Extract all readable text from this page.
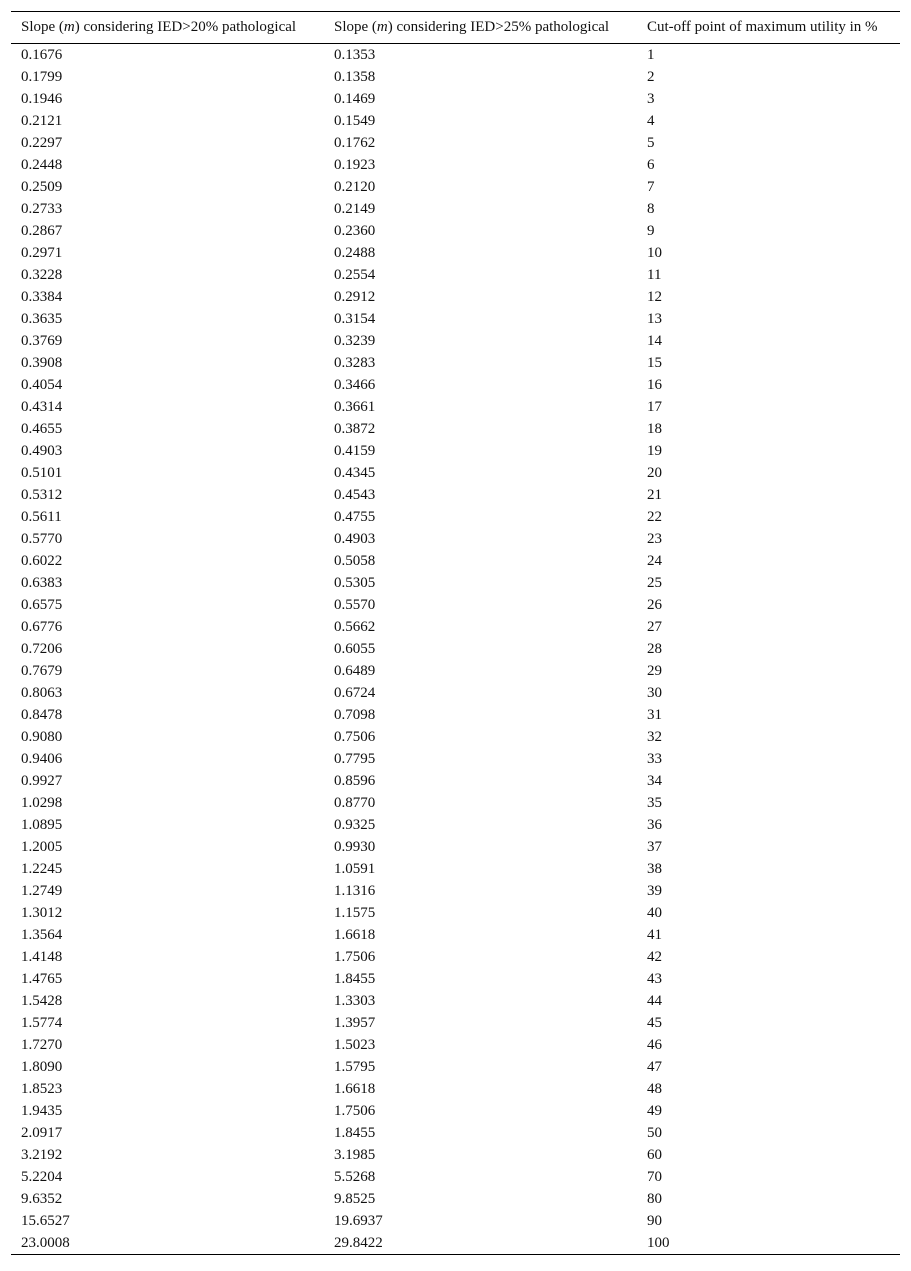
Slope (m) considering IED>20% pathological	Slope (m) considering IED>25% pathological	Cut-off point of maximum utility in %
0.1676	0.1353	1
0.1799	0.1358	2
0.1946	0.1469	3
0.2121	0.1549	4
0.2297	0.1762	5
0.2448	0.1923	6
0.2509	0.2120	7
0.2733	0.2149	8
0.2867	0.2360	9
0.2971	0.2488	10
0.3228	0.2554	11
0.3384	0.2912	12
0.3635	0.3154	13
0.3769	0.3239	14
0.3908	0.3283	15
0.4054	0.3466	16
0.4314	0.3661	17
0.4655	0.3872	18
0.4903	0.4159	19
0.5101	0.4345	20
0.5312	0.4543	21
0.5611	0.4755	22
0.5770	0.4903	23
0.6022	0.5058	24
0.6383	0.5305	25
0.6575	0.5570	26
0.6776	0.5662	27
0.7206	0.6055	28
0.7679	0.6489	29
0.8063	0.6724	30
0.8478	0.7098	31
0.9080	0.7506	32
0.9406	0.7795	33
0.9927	0.8596	34
1.0298	0.8770	35
1.0895	0.9325	36
1.2005	0.9930	37
1.2245	1.0591	38
1.2749	1.1316	39
1.3012	1.1575	40
1.3564	1.6618	41
1.4148	1.7506	42
1.4765	1.8455	43
1.5428	1.3303	44
1.5774	1.3957	45
1.7270	1.5023	46
1.8090	1.5795	47
1.8523	1.6618	48
1.9435	1.7506	49
2.0917	1.8455	50
3.2192	3.1985	60
5.2204	5.5268	70
9.6352	9.8525	80
15.6527	19.6937	90
23.0008	29.8422	100
